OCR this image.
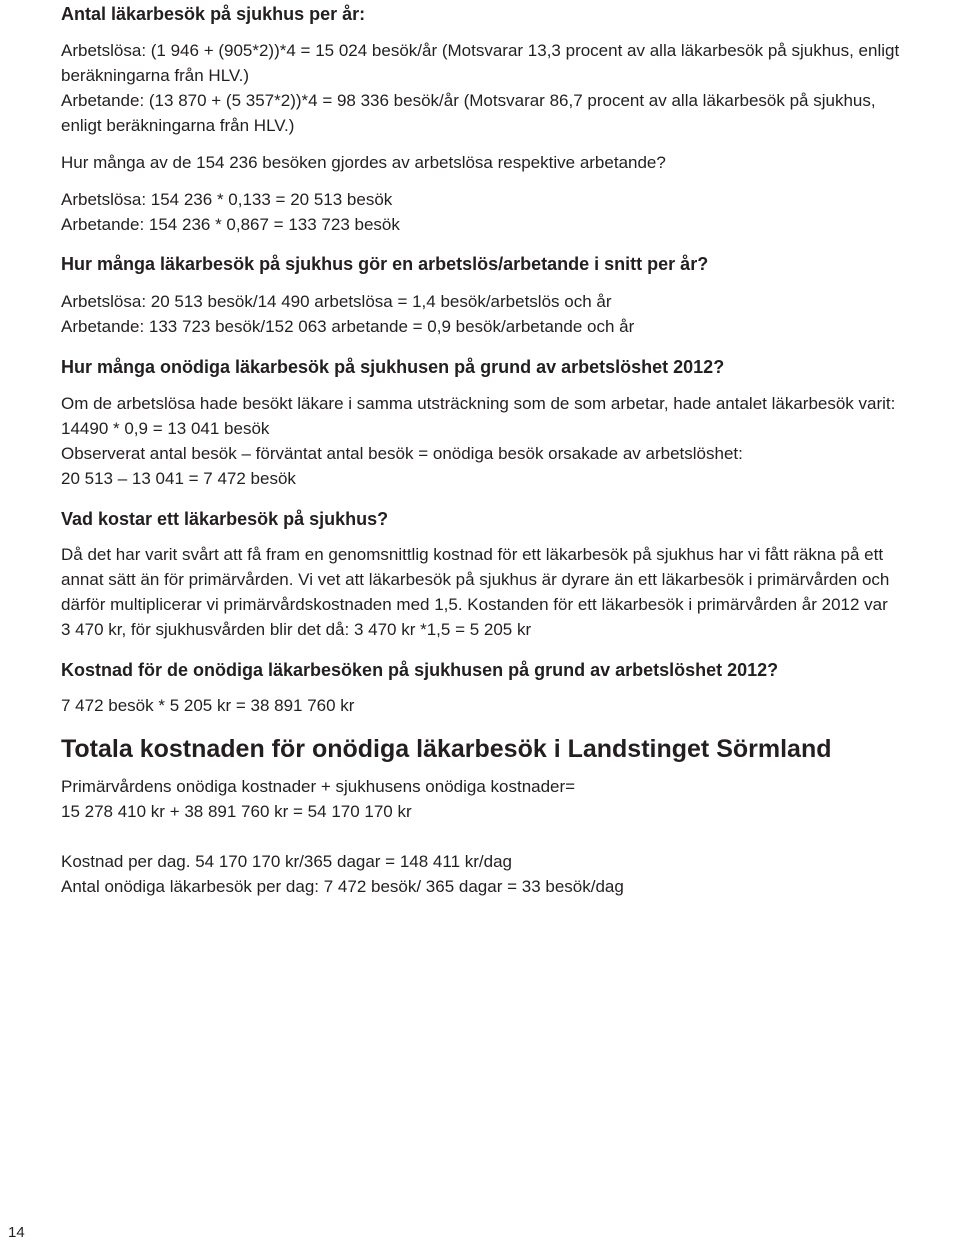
Antal läkarbesök på sjukhus per år:

Arbetslösa: (1 946 + (905*2))*4 = 15 024 besök/år (Motsvarar 13,3 procent av alla läkarbesök på sjukhus, enligt

beräkningarna från HLV.)

Arbetande: (13 870 + (5 357*2))*4 = 98 336 besök/år (Motsvarar 86,7 procent av alla läkarbesök på sjukhus,

enligt beräkningarna från HLV.)

Hur många av de 154 236 besöken gjordes av arbetslösa respektive arbetande?

Arbetslösa: 154 236 * 0,133 = 20 513 besök

Arbetande: 154 236 * 0,867 = 133 723 besök

Hur många läkarbesök på sjukhus gör en arbetslös/arbetande i snitt per år?

Arbetslösa: 20 513 besök/14 490 arbetslösa = 1,4 besök/arbetslös och år

Arbetande: 133 723 besök/152 063 arbetande = 0,9 besök/arbetande och år

Hur många onödiga läkarbesök på sjukhusen på grund av arbetslöshet 2012?

Om de arbetslösa hade besökt läkare i samma utsträckning som de som arbetar, hade antalet läkarbesök varit:

14490 * 0,9 = 13 041 besök

Observerat antal besök – förväntat antal besök = onödiga besök orsakade av arbetslöshet:

20 513 – 13 041 = 7 472 besök

Vad kostar ett läkarbesök på sjukhus?

Då det har varit svårt att få fram en genomsnittlig kostnad för ett läkarbesök på sjukhus har vi fått räkna på ett

annat sätt än för primärvården. Vi vet att läkarbesök på sjukhus är dyrare än ett läkarbesök i primärvården och

därför multiplicerar vi primärvårdskostnaden med 1,5. Kostanden för ett läkarbesök i primärvården år 2012 var

3 470 kr, för sjukhusvården blir det då: 3 470 kr *1,5 = 5 205 kr

Kostnad för de onödiga läkarbesöken på sjukhusen på grund av arbetslöshet 2012?

7 472 besök * 5 205 kr = 38 891 760 kr

Totala kostnaden för onödiga läkarbesök i Landstinget Sörmland

Primärvårdens onödiga kostnader + sjukhusens onödiga kostnader=

15 278 410 kr + 38 891 760 kr = 54 170 170 kr

Kostnad per dag. 54 170 170 kr/365 dagar = 148 411 kr/dag

Antal onödiga läkarbesök per dag: 7 472 besök/ 365 dagar = 33 besök/dag

14
